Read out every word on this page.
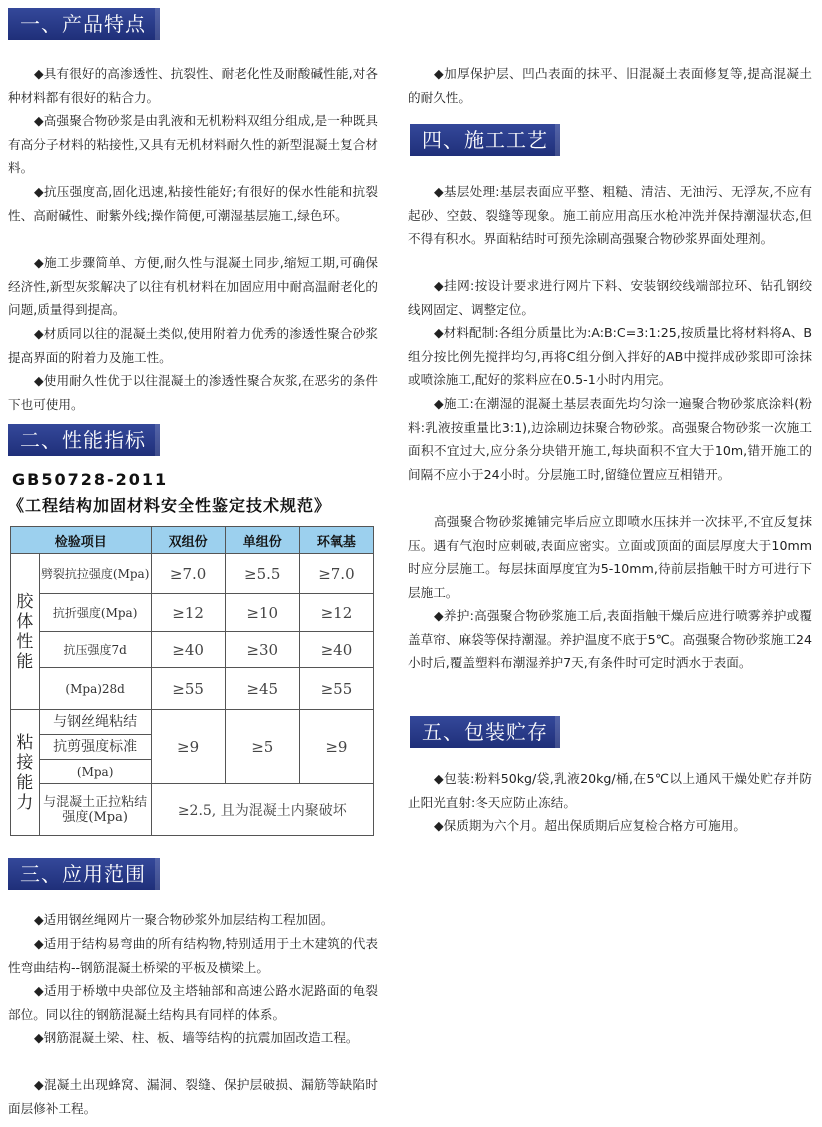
一、产品特点

◆具有很好的高渗透性、抗裂性、耐老化性及耐酸碱性能,对各种材料都有很好的粘合力。

◆高强聚合物砂浆是由乳液和无机粉料双组分组成,是一种既具有高分子材料的粘接性,又具有无机材料耐久性的新型混凝土复合材料。

◆抗压强度高,固化迅速,粘接性能好;有很好的保水性能和抗裂性、高耐碱性、耐紫外线;操作简便,可潮湿基层施工,绿色环。

◆施工步骤简单、方便,耐久性与混凝土同步,缩短工期,可确保经济性,新型灰浆解决了以往有机材料在加固应用中耐高温耐老化的问题,质量得到提高。

◆材质同以往的混凝土类似,使用附着力优秀的渗透性聚合砂浆提高界面的附着力及施工性。

◆使用耐久性优于以往混凝土的渗透性聚合灰浆,在恶劣的条件下也可使用。

二、性能指标
GB50728-2011
《工程结构加固材料安全性鉴定技术规范》
检验项目		双组份	单组份	环氧基
胶体性能	劈裂抗拉强度(Mpa)	≥7.0	≥5.5	≥7.0
	抗折强度(Mpa)	≥12	≥10	≥12
	抗压强度7d	≥40	≥30	≥40
	(Mpa)28d	≥55	≥45	≥55
粘接能力	与钢丝绳粘结	≥9	≥5	≥9
	抗剪强度标准			
	(Mpa)			
	与混凝土正拉粘结强度(Mpa)	≥2.5, 且为混凝土内聚破坏		
三、应用范围

◆适用钢丝绳网片一聚合物砂浆外加层结构工程加固。

◆适用于结构易弯曲的所有结构物,特别适用于土木建筑的代表性弯曲结构--钢筋混凝土桥梁的平板及横梁上。

◆适用于桥墩中央部位及主塔轴部和高速公路水泥路面的龟裂部位。同以往的钢筋混凝土结构具有同样的体系。

◆钢筋混凝土梁、柱、板、墙等结构的抗震加固改造工程。

◆混凝土出现蜂窝、漏洞、裂缝、保护层破损、漏筋等缺陷时面层修补工程。

◆加厚保护层、凹凸表面的抹平、旧混凝土表面修复等,提高混凝土的耐久性。

四、施工工艺

◆基层处理:基层表面应平整、粗糙、清洁、无油污、无浮灰,不应有起砂、空鼓、裂缝等现象。施工前应用高压水枪冲洗并保持潮湿状态,但不得有积水。界面粘结时可预先涂刷高强聚合物砂浆界面处理剂。

◆挂网:按设计要求进行网片下料、安装钢绞线端部拉环、钻孔钢绞线网固定、调整定位。

◆材料配制:各组分质量比为:A:B:C=3:1:25,按质量比将材料将A、B组分按比例先搅拌均匀,再将C组分倒入拌好的AB中搅拌成砂浆即可涂抹或喷涂施工,配好的浆料应在0.5-1小时内用完。

◆施工:在潮湿的混凝土基层表面先均匀涂一遍聚合物砂浆底涂料(粉料:乳液按重量比3:1),边涂刷边抹聚合物砂浆。高强聚合物砂浆一次施工面积不宜过大,应分条分块错开施工,每块面积不宜大于10m,错开施工的间隔不应小于24小时。分层施工时,留缝位置应互相错开。

高强聚合物砂浆摊铺完毕后应立即喷水压抹并一次抹平,不宜反复抹压。遇有气泡时应刺破,表面应密实。立面或顶面的面层厚度大于10mm时应分层施工。每层抹面厚度宜为5-10mm,待前层指触干时方可进行下层施工。

◆养护:高强聚合物砂浆施工后,表面指触干燥后应进行喷雾养护或覆盖草帘、麻袋等保持潮湿。养护温度不底于5℃。高强聚合物砂浆施工24小时后,覆盖塑料布潮湿养护7天,有条件时可定时洒水于表面。

五、包装贮存

◆包装:粉料50kg/袋,乳液20kg/桶,在5℃以上通风干燥处贮存并防止阳光直射:冬天应防止冻结。

◆保质期为六个月。超出保质期后应复检合格方可施用。
